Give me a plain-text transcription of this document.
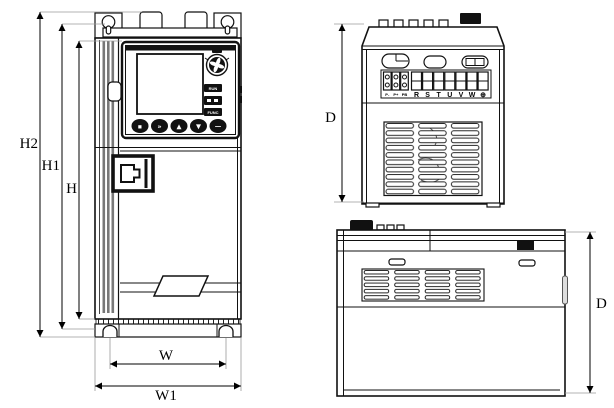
RUN
FUNC
▪ » ▲ ▼ —
H2
H1
H
W
W1
P- P+ PB R S T U V W ⊕
D
D
